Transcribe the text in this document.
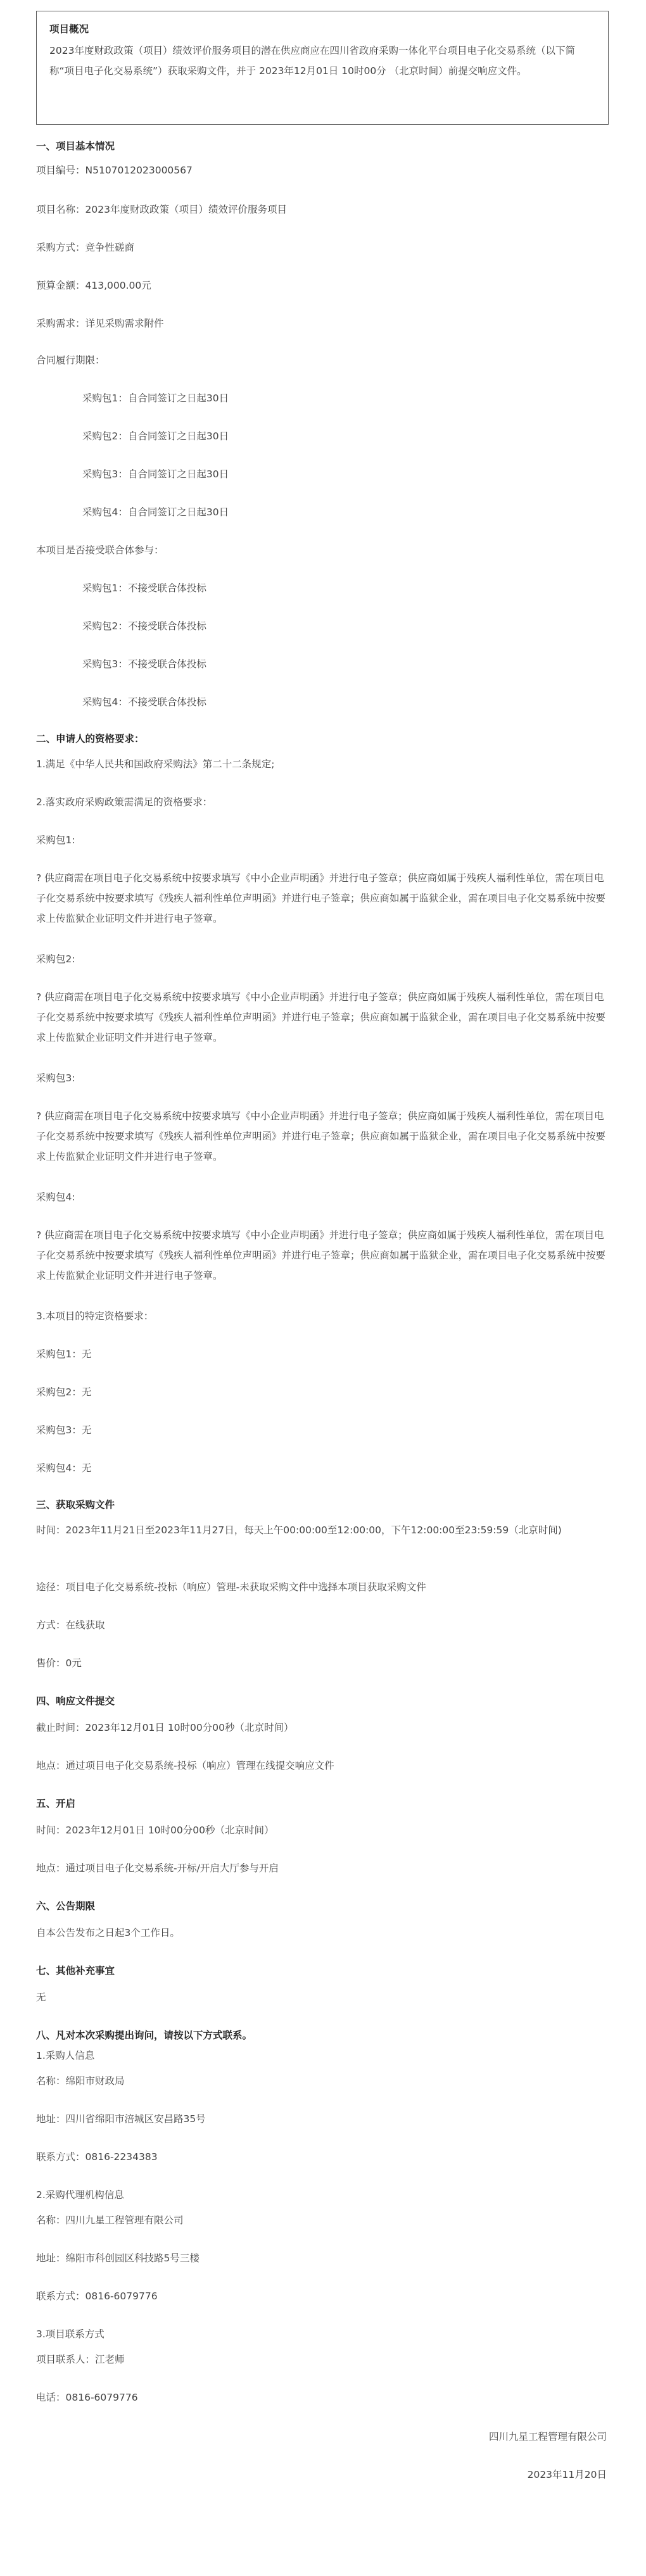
项目概况
2023年度财政政策（项目）绩效评价服务项目的潜在供应商应在四川省政府采购一体化平台项目电子化交易系统（以下简称“项目电子化交易系统”）获取采购文件，并于 2023年12月01日 10时00分 （北京时间）前提交响应文件。
一、项目基本情况
项目编号：N5107012023000567
项目名称：2023年度财政政策（项目）绩效评价服务项目
采购方式：竞争性磋商
预算金额：413,000.00元
采购需求：详见采购需求附件
合同履行期限：
采购包1：自合同签订之日起30日
采购包2：自合同签订之日起30日
采购包3：自合同签订之日起30日
采购包4：自合同签订之日起30日
本项目是否接受联合体参与：
采购包1：不接受联合体投标
采购包2：不接受联合体投标
采购包3：不接受联合体投标
采购包4：不接受联合体投标
二、申请人的资格要求：
1.满足《中华人民共和国政府采购法》第二十二条规定;
2.落实政府采购政策需满足的资格要求：
采购包1:
? 供应商需在项目电子化交易系统中按要求填写《中小企业声明函》并进行电子签章；供应商如属于残疾人福利性单位，需在项目电子化交易系统中按要求填写《残疾人福利性单位声明函》并进行电子签章；供应商如属于监狱企业，需在项目电子化交易系统中按要求上传监狱企业证明文件并进行电子签章。
采购包2:
? 供应商需在项目电子化交易系统中按要求填写《中小企业声明函》并进行电子签章；供应商如属于残疾人福利性单位，需在项目电子化交易系统中按要求填写《残疾人福利性单位声明函》并进行电子签章；供应商如属于监狱企业，需在项目电子化交易系统中按要求上传监狱企业证明文件并进行电子签章。
采购包3:
? 供应商需在项目电子化交易系统中按要求填写《中小企业声明函》并进行电子签章；供应商如属于残疾人福利性单位，需在项目电子化交易系统中按要求填写《残疾人福利性单位声明函》并进行电子签章；供应商如属于监狱企业，需在项目电子化交易系统中按要求上传监狱企业证明文件并进行电子签章。
采购包4:
? 供应商需在项目电子化交易系统中按要求填写《中小企业声明函》并进行电子签章；供应商如属于残疾人福利性单位，需在项目电子化交易系统中按要求填写《残疾人福利性单位声明函》并进行电子签章；供应商如属于监狱企业，需在项目电子化交易系统中按要求上传监狱企业证明文件并进行电子签章。
3.本项目的特定资格要求：
采购包1：无
采购包2：无
采购包3：无
采购包4：无
三、获取采购文件
时间：2023年11月21日至2023年11月27日，每天上午00:00:00至12:00:00，下午12:00:00至23:59:59（北京时间)
途径：项目电子化交易系统-投标（响应）管理-未获取采购文件中选择本项目获取采购文件
方式：在线获取
售价：0元
四、响应文件提交
截止时间：2023年12月01日 10时00分00秒（北京时间）
地点：通过项目电子化交易系统-投标（响应）管理在线提交响应文件
五、开启
时间：2023年12月01日 10时00分00秒（北京时间）
地点：通过项目电子化交易系统-开标/开启大厅参与开启
六、公告期限
自本公告发布之日起3个工作日。
七、其他补充事宜
无
八、凡对本次采购提出询问，请按以下方式联系。
1.采购人信息
名称：绵阳市财政局
地址：四川省绵阳市涪城区安昌路35号
联系方式：0816-2234383
2.采购代理机构信息
名称：四川九星工程管理有限公司
地址：绵阳市科创园区科技路5号三楼
联系方式：0816-6079776
3.项目联系方式
项目联系人：江老师
电话：0816-6079776
四川九星工程管理有限公司
2023年11月20日
